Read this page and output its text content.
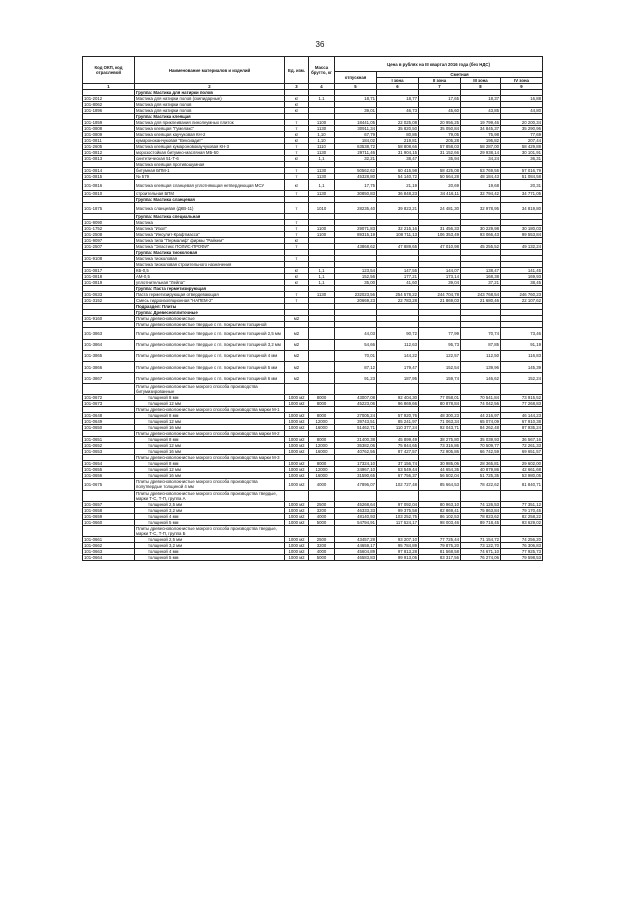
36
Код ОКП, код отраслевой	Наименование материалов и изделий	Ед. изм.	Масса брутто, кг	Цена в рублях на III квартал 2016 года (без НДС)				
				отпускная	Сметная			
					I зона	II зона	III зона	IV зона
1	2	3	4	5	6	7	8	9
	Группа: Мастика для натирки полов							
101-2012	Мастика для натирки полов (скипидарные)	кг	1.1	18,71	18,77	17,65	18,37	16,88
101-8062	Мастика для натирки полов	кг						
101-1896	Мастика для натирки полов	кг		39,01	46,73	45,60	43,85	44,80
	Группа: Мастика клеящая							
101-1859	Мастика для приклеивания линолеумных плиток	т	1100	18441,05	22 025,08	20 956,25	19 799,46	20 200,34
101-0808	Мастика клеящая "Гумелакс"	т	1130	30911,34	35 820,50	35 050,84	34 845,37	35 290,96
101-0809	Мастика клеящая каучуковая КН-2	кг	1,10	67,79	80,86	79,05	75,98	77,69
101-0811	кумароноканчуковая "Вексиадит"	кг	1,10	184,02	219,81	205,28	195,82	207,44
101-2605	Мастика клеящая кумароновокаучуковая КН-3	т	1110	63538,72	58 808,66	57 858,03	58 287,00	58 429,88
101-0812	морозостойкая битумно-масляная МБ-50	т	1130	29711,46	31 904,15	31 152,66	29 938,14	30 101,91
101-0813	синтетическая 51-Т-6	кг	1,1	32,21	38,47	35,94	34,24	36,31
	Мастика клеящая противошумная							
101-0814	битумная БПМ-1	т	1130	50562,62	60 415,98	58 425,08	53 769,56	57 016,79
101-0815	№ 579	т	1130	45328,80	54 140,72	50 564,28	48 184,43	51 084,58
101-0816	Мастика клеящая сланцевая уплотняющая нетвердеющая МСУ	кг	1,1	17,75	21,19	20,69	19,68	20,31
101-0810	строительная БПМ	т	1130	30850,83	36 848,23	34 416,11	32 794,42	34 771,05
	Группа: Мастика сланцевая							
101-1875	Мастика сланцевая (ДКВ-11)	т	1010	28235,40	39 823,21	24 481,30	32 978,95	34 819,80
	Группа: Мастика специальная							
101-9090	Мастика	т						
101-1752	Мастика "Изол"	т	1100	29071,83	32 215,16	31 456,33	30 229,98	30 180,03
101-2508	Мастика "Инсулит-Крафтмасса"	т	1100	89315,19	108 711,13	106 353,49	93 066,43	99 553,84
101-9097	Мастика типа "Пермалиф" фирмы "Райкем"	кг						
101-2507	Мастика "Эластикс ПОЛИС-ПРОФИ"	т		43868,62	47 889,65	47 010,98	45 255,52	49 132,24
	Группа: Мастика тиоколовая							
101-9108	Мастика тиоколовая	т						
	Мастика тиоколовая строительного назначения							
101-0817	КБ-0,5	кг	1,1	123,54	147,55	144,07	138,47	141,45
101-0818	АМ-0,5	кг	1,1	152,56	177,21	173,14	168,38	169,93
101-0819	уплотнительная "Лейпа"	кг	1,1	35,00	41,60	39,04	37,21	38,45
	Группа: Паста герметизирующая							
101-0633	Паста герметизирующая отвердевающая	т	1130	232023,56	254 578,22	244 704,78	243 768,54	246 760,23
101-3152	Смесь гидроизоляционная "НАПЕМ-2"	т		20669,23	22 783,28	21 869,03	21 680,46	22 107,62
	Подраздел: Плиты							
	Группа: Древесноплиточные							
101-9160	Плиты древесноволокнистые	м2						
	Плиты древесноволокнистые твердые с гл. покрытием толщиной							
101-3863	Плиты древесноволокнистые твердые с гл. покрытием толщиной 2,5 мм	м2		44,03	90,72	77,99	70,74	73,46
101-3864	Плиты древесноволокнистые твердые с гл. покрытием толщиной 3,2 мм	м2		54,66	112,63	95,73	87,85	91,19
101-3865	Плиты древесноволокнистые твердые с гл. покрытием толщиной 4 мм	м2		70,01	144,22	122,57	112,50	116,83
101-3866	Плиты древесноволокнистые твердые с гл. покрытием толщиной 5 мм	м2		87,12	179,47	152,54	139,96	145,39
101-3867	Плиты древесноволокнистые твердые с гл. покрытием толщиной 6 мм	м2		91,23	187,95	159,74	146,62	152,24
	Плиты древесноволокнистые мокрого способа производства битумизированные							
101-0672	толщиной 8 мм	1000 м2	8000	43007,08	92 404,30	77 058,01	70 541,84	73 915,52
101-0673	толщиной 12 мм	1000 м2	8000	45223,06	96 869,66	80 878,84	74 042,56	77 268,83
	Плиты древесноволокнистые мокрого способа производства марки М-1							
101-0648	толщиной 8 мм	1000 м2	8000	27005,24	57 920,76	48 300,23	44 216,97	46 144,23
101-0649	толщиной 12 мм	1000 м2	12000	39743,51	85 241,97	71 063,34	65 074,09	67 910,38
101-0650	толщиной 16 мм	1000 м2	16000	51462,71	110 377,24	92 043,71	84 262,48	87 935,24
	Плиты древесноволокнистые мокрого способа производства марки М-2							
101-0651	толщиной 8 мм	1000 м2	8000	21400,38	45 899,49	38 275,80	35 039,93	36 567,16
101-0652	толщиной 12 мм	1000 м2	12000	35382,06	75 844,65	73 316,86	70 509,77	72 261,33
101-0653	толщиной 16 мм	1000 м2	16000	40762,56	87 427,57	72 905,86	66 742,59	69 651,57
	Плиты древесноволокнистые мокрого способа производства марки М-3							
101-0654	толщиной 8 мм	1000 м2	8000	17324,10	37 156,74	30 985,06	28 365,81	29 602,00
101-0655	толщиной 12 мм	1000 м2	12000	24967,10	53 549,44	44 654,35	40 879,86	42 661,68
101-0656	толщиной 16 мм	1000 м2	16000	31590,65	67 756,37	56 502,04	51 725,35	53 980,05
101-0675	Плиты древесноволокнистые мокрого способа производства полутвердые толщиной 4 мм	1000 м2	4000	47896,07	102 727,48	85 664,53	78 422,62	81 840,71
	Плиты древесноволокнистые мокрого способа производства твердые, марки Т-С, Т-П, группа А							
101-0657	толщиной 2,5 мм	1000 м2	2500	45268,64	97 092,04	80 963,10	74 126,53	77 351,12
101-0658	толщиной 3,2 мм	1000 м2	3200	46333,33	99 375,58	82 869,41	75 863,84	79 170,45
101-0659	толщиной 4 мм	1000 м2	4000	48140,93	103 252,75	86 102,53	78 823,62	82 258,22
101-0660	толщиной 5 мм	1000 м2	5000	54794,91	117 524,17	98 003,46	89 718,45	93 629,02
	Плиты древесноволокнистые мокрого способа производства твердые, марки Т-С, Т-П, группа Б							
101-0661	толщиной 2,5 мм	1000 м2	2500	43457,28	93 207,10	77 725,44	71 154,72	74 256,20
101-0662	толщиной 3,2 мм	1000 м2	3200	44659,17	95 784,89	79 875,20	73 122,70	76 306,83
101-0663	толщиной 4 мм	1000 м2	4000	45604,89	97 813,28	81 568,58	74 671,10	77 925,73
101-0664	толщиной 5 мм	1000 м2	5000	46583,83	99 913,05	83 317,56	76 274,06	79 598,53
